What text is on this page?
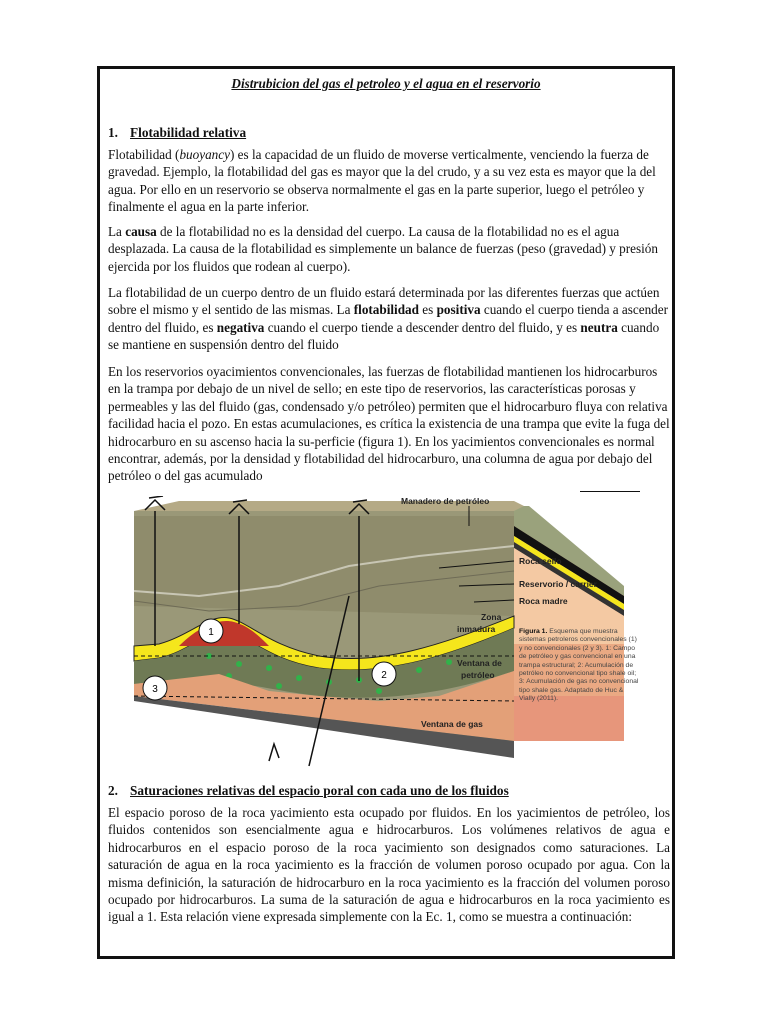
Distrubicion del gas el petroleo y el agua en el reservorio
1. Flotabilidad relativa

Flotabilidad (buoyancy) es la capacidad de un fluido de moverse verticalmente, venciendo la fuerza de gravedad. Ejemplo, la flotabilidad del gas es mayor que la del crudo, y a su vez esta es mayor que la del agua. Por ello en un reservorio se observa normalmente el gas en la parte superior, luego el petróleo y finalmente el agua en la parte inferior.

La causa de la flotabilidad no es la densidad del cuerpo. La causa de la flotabilidad no es el agua desplazada. La causa de la flotabilidad es simplemente un balance de fuerzas (peso (gravedad) y presión ejercida por los fluidos que rodean al cuerpo).

La flotabilidad de un cuerpo dentro de un fluido estará determinada por las diferentes fuerzas que actúen sobre el mismo y el sentido de las mismas. La flotabilidad es positiva cuando el cuerpo tienda a ascender dentro del fluido, es negativa cuando el cuerpo tiende a descender dentro del fluido, y es neutra cuando se mantiene en suspensión dentro del fluido

En los reservorios oyacimientos convencionales, las fuerzas de flotabilidad mantienen los hidrocarburos en la trampa por debajo de un nivel de sello; en este tipo de reservorios, las características porosas y permeables y las del fluido (gas, condensado y/o petróleo) permiten que el hidrocarburo fluya con relativa facilidad hacia el pozo. En estas acumulaciones, es crítica la existencia de una trampa que evite la fuga del hidrocarburo en su ascenso hacia la su-perficie (figura 1). En los yacimientos convencionales es normal encontrar, además, por la densidad y flotabilidad del hidrocarburo, una columna de agua por debajo del petróleo o del gas acumulado

1
2
3
Manadero de petróleo
Roca sello
Reservorio / carrier
Roca madre
Zona
inmadura
Ventana de
petróleo
Ventana de gas
Figura 1. Esquema que muestra sistemas petroleros convencionales (1) y no convencionales (2 y 3). 1: Campo de petróleo y gas convencional en una trampa estructural; 2: Acumulación de petróleo no convencional tipo shale oil; 3: Acumulación de gas no convencional tipo shale gas. Adaptado de Huc & Vially (2011).
2. Saturaciones relativas del espacio poral con cada uno de los fluidos

El espacio poroso de la roca yacimiento esta ocupado por fluidos. En los yacimientos de petróleo, los fluidos contenidos son esencialmente agua e hidrocarburos. Los volúmenes relativos de agua e hidrocarburos en el espacio poroso de la roca yacimiento son designados como saturaciones. La saturación de agua en la roca yacimiento es la fracción de volumen poroso ocupado por agua. Con la misma definición, la saturación de hidrocarburo en la roca yacimiento es la fracción del volumen poroso ocupado por hidrocarburos. La suma de la saturación de agua e hidrocarburos en la roca yacimiento es igual a 1. Esta relación viene expresada simplemente con la Ec. 1, como se muestra a continuación:
